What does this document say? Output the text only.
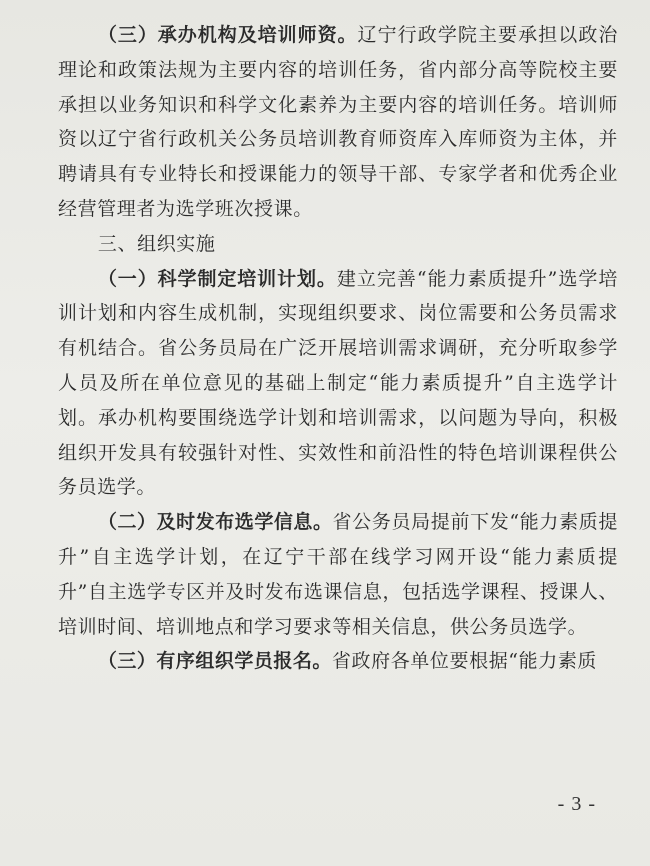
（三）承办机构及培训师资。辽宁行政学院主要承担以政治理论和政策法规为主要内容的培训任务，省内部分高等院校主要承担以业务知识和科学文化素养为主要内容的培训任务。培训师资以辽宁省行政机关公务员培训教育师资库入库师资为主体，并聘请具有专业特长和授课能力的领导干部、专家学者和优秀企业经营管理者为选学班次授课。

三、组织实施

（一）科学制定培训计划。建立完善“能力素质提升”选学培训计划和内容生成机制，实现组织要求、岗位需要和公务员需求有机结合。省公务员局在广泛开展培训需求调研，充分听取参学人员及所在单位意见的基础上制定“能力素质提升”自主选学计划。承办机构要围绕选学计划和培训需求，以问题为导向，积极组织开发具有较强针对性、实效性和前沿性的特色培训课程供公务员选学。

（二）及时发布选学信息。省公务员局提前下发“能力素质提升”自主选学计划，在辽宁干部在线学习网开设“能力素质提升”自主选学专区并及时发布选课信息，包括选学课程、授课人、培训时间、培训地点和学习要求等相关信息，供公务员选学。

（三）有序组织学员报名。省政府各单位要根据“能力素质

- 3 -
